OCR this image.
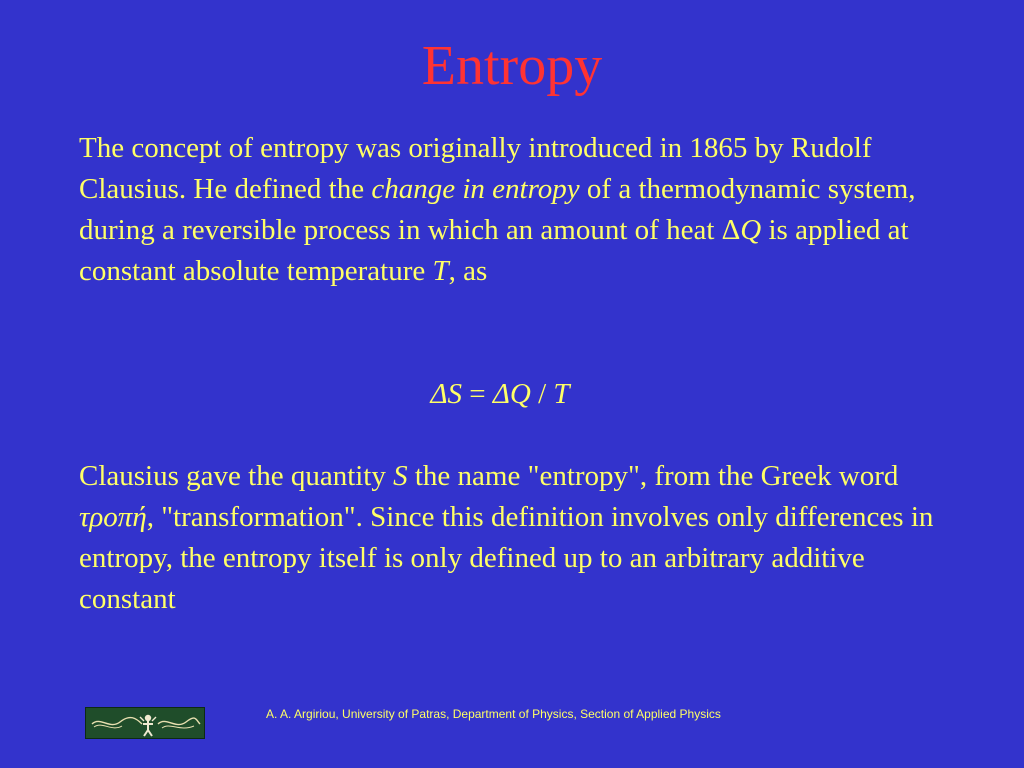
Entropy
The concept of entropy was originally introduced in 1865 by Rudolf Clausius. He defined the change in entropy of a thermodynamic system, during a reversible process in which an amount of heat ΔQ is applied at constant absolute temperature T, as
ΔS = ΔQ / T
Clausius gave the quantity S the name "entropy", from the Greek word τροπή, "transformation". Since this definition involves only differences in entropy, the entropy itself is only defined up to an arbitrary additive constant
A. A. Argiriou, University of Patras, Department of Physics, Section of Applied Physics
